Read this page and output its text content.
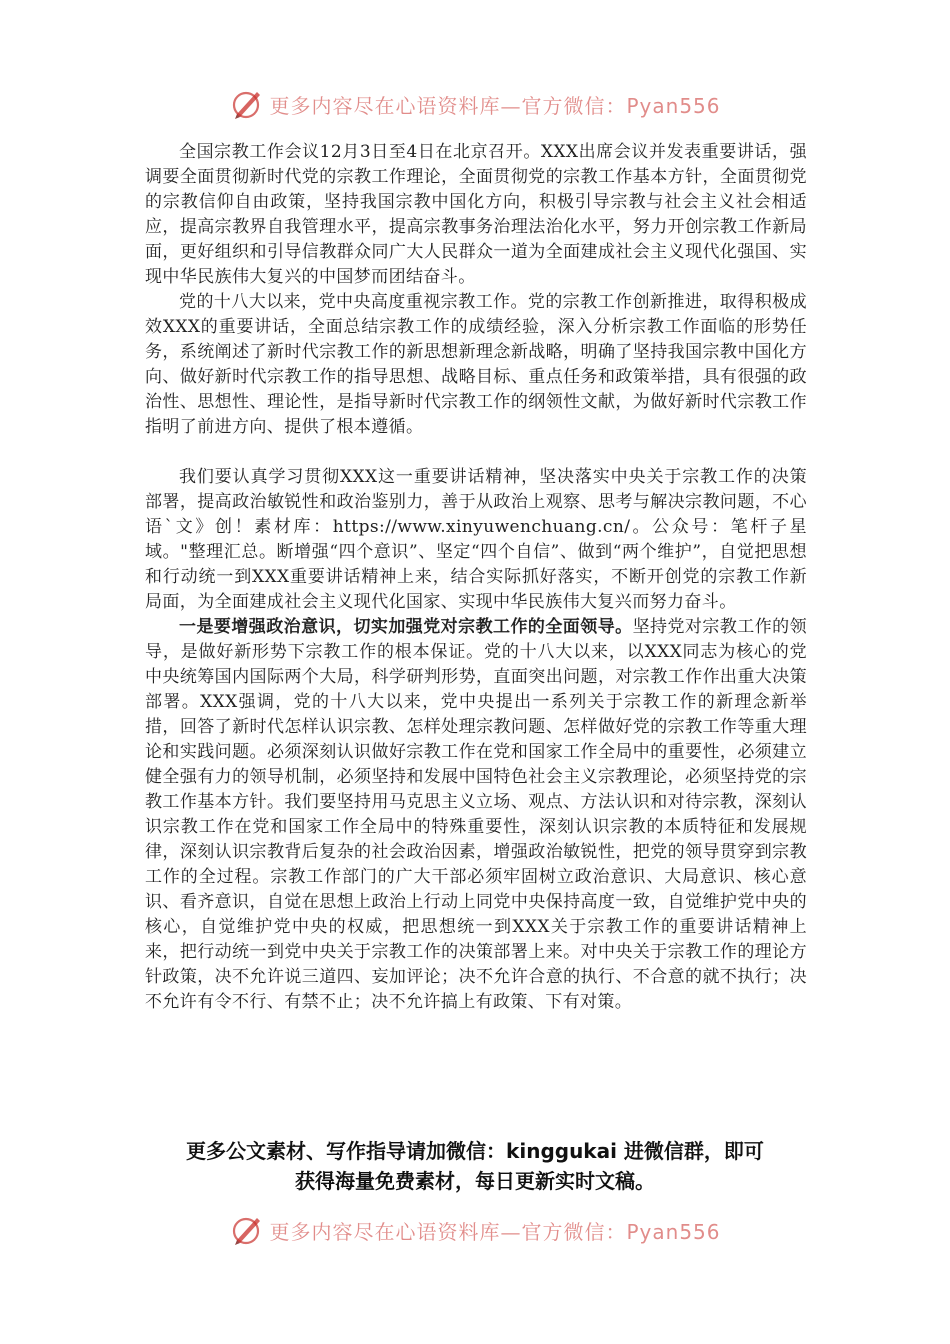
更多内容尽在心语资料库—官方微信：Pyan556

全国宗教工作会议12月3日至4日在北京召开。XXX出席会议并发表重要讲话，强调要全面贯彻新时代党的宗教工作理论，全面贯彻党的宗教工作基本方针，全面贯彻党的宗教信仰自由政策，坚持我国宗教中国化方向，积极引导宗教与社会主义社会相适应，提高宗教界自我管理水平，提高宗教事务治理法治化水平，努力开创宗教工作新局面，更好组织和引导信教群众同广大人民群众一道为全面建成社会主义现代化强国、实现中华民族伟大复兴的中国梦而团结奋斗。

党的十八大以来，党中央高度重视宗教工作。党的宗教工作创新推进，取得积极成效XXX的重要讲话，全面总结宗教工作的成绩经验，深入分析宗教工作面临的形势任务，系统阐述了新时代宗教工作的新思想新理念新战略，明确了坚持我国宗教中国化方向、做好新时代宗教工作的指导思想、战略目标、重点任务和政策举措，具有很强的政治性、思想性、理论性，是指导新时代宗教工作的纲领性文献，为做好新时代宗教工作指明了前进方向、提供了根本遵循。

我们要认真学习贯彻XXX这一重要讲话精神，坚决落实中央关于宗教工作的决策部署，提高政治敏锐性和政治鉴别力，善于从政治上观察、思考与解决宗教问题，不心语`文》创！素材库：https://www.xinyuwenchuang.cn/。公众号：笔杆子星域。"整理汇总。断增强“四个意识”、坚定“四个自信”、做到“两个维护”，自觉把思想和行动统一到XXX重要讲话精神上来，结合实际抓好落实，不断开创党的宗教工作新局面，为全面建成社会主义现代化国家、实现中华民族伟大复兴而努力奋斗。

一是要增强政治意识，切实加强党对宗教工作的全面领导。坚持党对宗教工作的领导，是做好新形势下宗教工作的根本保证。党的十八大以来，以XXX同志为核心的党中央统筹国内国际两个大局，科学研判形势，直面突出问题，对宗教工作作出重大决策部署。XXX强调，党的十八大以来，党中央提出一系列关于宗教工作的新理念新举措，回答了新时代怎样认识宗教、怎样处理宗教问题、怎样做好党的宗教工作等重大理论和实践问题。必须深刻认识做好宗教工作在党和国家工作全局中的重要性，必须建立健全强有力的领导机制，必须坚持和发展中国特色社会主义宗教理论，必须坚持党的宗教工作基本方针。我们要坚持用马克思主义立场、观点、方法认识和对待宗教，深刻认识宗教工作在党和国家工作全局中的特殊重要性，深刻认识宗教的本质特征和发展规律，深刻认识宗教背后复杂的社会政治因素，增强政治敏锐性，把党的领导贯穿到宗教工作的全过程。宗教工作部门的广大干部必须牢固树立政治意识、大局意识、核心意识、看齐意识，自觉在思想上政治上行动上同党中央保持高度一致，自觉维护党中央的核心，自觉维护党中央的权威，把思想统一到XXX关于宗教工作的重要讲话精神上来，把行动统一到党中央关于宗教工作的决策部署上来。对中央关于宗教工作的理论方针政策，决不允许说三道四、妄加评论；决不允许合意的执行、不合意的就不执行；决不允许有令不行、有禁不止；决不允许搞上有政策、下有对策。

更多公文素材、写作指导请加微信：kinggukai 进微信群，即可
获得海量免费素材，每日更新实时文稿。
更多内容尽在心语资料库—官方微信：Pyan556
